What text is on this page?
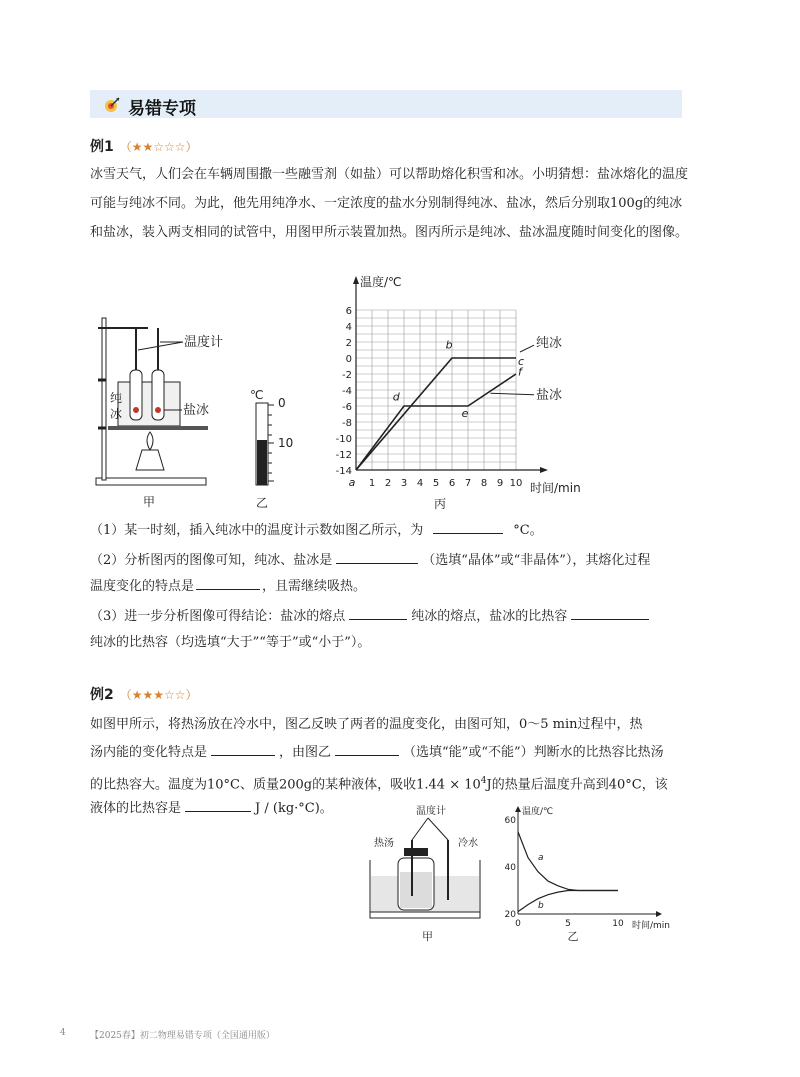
易错专项
例1 （★★☆☆☆）
冰雪天气，人们会在车辆周围撒一些融雪剂（如盐）可以帮助熔化积雪和冰。小明猜想：盐冰熔化的温度可能与纯冰不同。为此，他先用纯净水、一定浓度的盐水分别制得纯冰、盐冰，然后分别取100g的纯冰和盐冰，装入两支相同的试管中，用图甲所示装置加热。图丙所示是纯冰、盐冰温度随时间变化的图像。
温度计
纯
冰	盐冰
甲
℃
0
10
乙
温度/℃
时间/min
6
4
2
0
-2
-4
-6
-8
-10
-12
-14
1 2 3 4 5 6 7 8 9 10
a
b
c
d
e
f
纯冰
盐冰
丙
（1）某一时刻，插入纯冰中的温度计示数如图乙所示，为	°C。
（2）分析图丙的图像可知，纯冰、盐冰是	（选填“晶体”或“非晶体”），其熔化过程
温度变化的特点是	，且需继续吸热。
（3）进一步分析图像可得结论：盐冰的熔点	纯冰的熔点，盐冰的比热容
纯冰的比热容（均选填“大于”“等于”或“小于”）。
例2 （★★★☆☆）
如图甲所示，将热汤放在冷水中，图乙反映了两者的温度变化，由图可知，0～5 min过程中，热
汤内能的变化特点是	，由图乙	（选填“能”或“不能”）判断水的比热容比热汤
的比热容大。温度为10°C、质量200g的某种液体，吸收$1.44 \times 10^4J$的热量后温度升高到40°C，该
液体的比热容是	J / (kg·°C)。	温度计
热汤	冷水
甲
温度/℃
时间/min
20
40
60
0	5	10
a
b
乙
4	【2025春】初二物理易错专项（全国通用版）
